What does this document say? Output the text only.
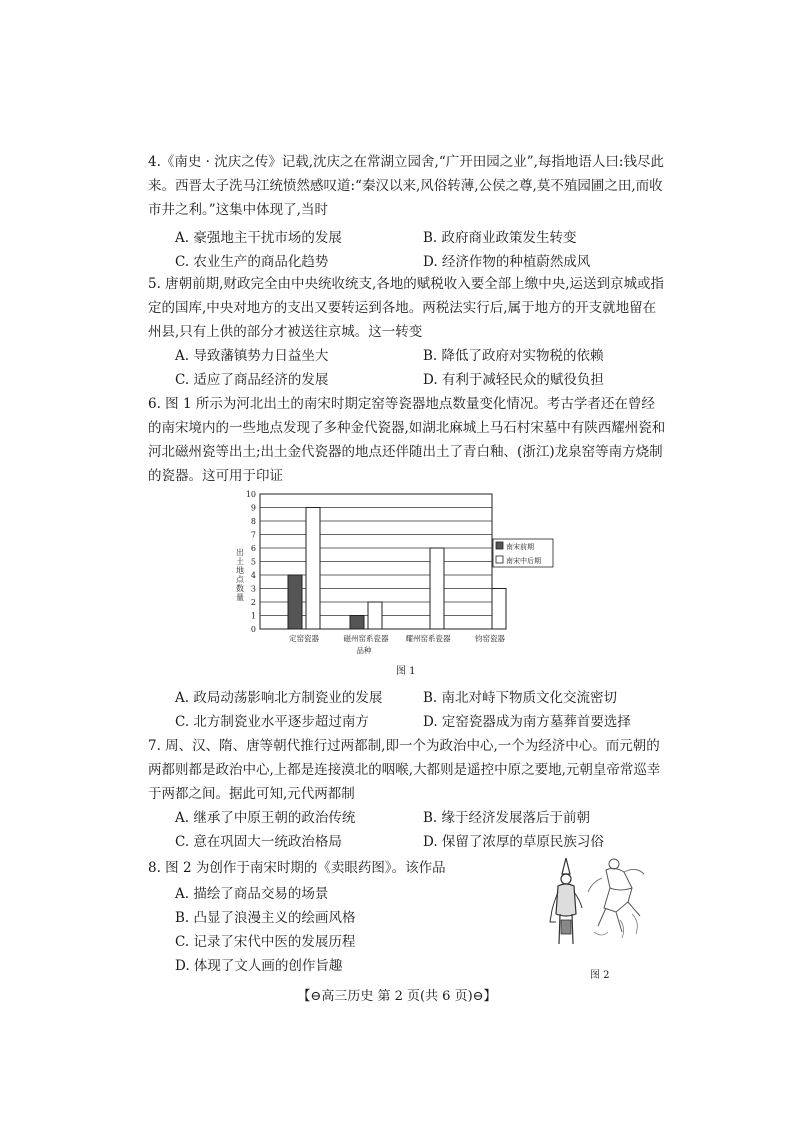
4.《南史 · 沈庆之传》记载,沈庆之在常湖立园舍,“广开田园之业”,每指地语人曰:钱尽此来。西晋太子洗马江统愤然感叹道:“秦汉以来,风俗转薄,公侯之尊,莫不殖园圃之田,而收市井之利。”这集中体现了,当时
A. 豪强地主干扰市场的发展	B. 政府商业政策发生转变
C. 农业生产的商品化趋势	D. 经济作物的种植蔚然成风
5. 唐朝前期,财政完全由中央统收统支,各地的赋税收入要全部上缴中央,运送到京城或指定的国库,中央对地方的支出又要转运到各地。两税法实行后,属于地方的开支就地留在州县,只有上供的部分才被送往京城。这一转变
A. 导致藩镇势力日益坐大	B. 降低了政府对实物税的依赖
C. 适应了商品经济的发展	D. 有利于减轻民众的赋役负担
6. 图 1 所示为河北出土的南宋时期定窑等瓷器地点数量变化情况。考古学者还在曾经的南宋境内的一些地点发现了多种金代瓷器,如湖北麻城上马石村宋墓中有陕西耀州瓷和河北磁州瓷等出土;出土金代瓷器的地点还伴随出土了青白釉、(浙江)龙泉窑等南方烧制的瓷器。这可用于印证
0
1
2
3
4
5
6
7
8
9
10
出土地点数量
定窑瓷器	磁州窑系瓷器 耀州窑系瓷器	钧窑瓷器
品种
南宋前期
南宋中后期
图 1
A. 政局动荡影响北方制瓷业的发展	B. 南北对峙下物质文化交流密切
C. 北方制瓷业水平逐步超过南方	D. 定窑瓷器成为南方墓葬首要选择
7. 周、汉、隋、唐等朝代推行过两都制,即一个为政治中心,一个为经济中心。而元朝的两都则都是政治中心,上都是连接漠北的咽喉,大都则是遥控中原之要地,元朝皇帝常巡幸于两都之间。据此可知,元代两都制
A. 继承了中原王朝的政治传统	B. 缘于经济发展落后于前朝
C. 意在巩固大一统政治格局	D. 保留了浓厚的草原民族习俗
8. 图 2 为创作于南宋时期的《卖眼药图》。该作品
A. 描绘了商品交易的场景
B. 凸显了浪漫主义的绘画风格
C. 记录了宋代中医的发展历程
D. 体现了文人画的创作旨趣
图 2
【⊖高三历史 第 2 页(共 6 页)⊖】
